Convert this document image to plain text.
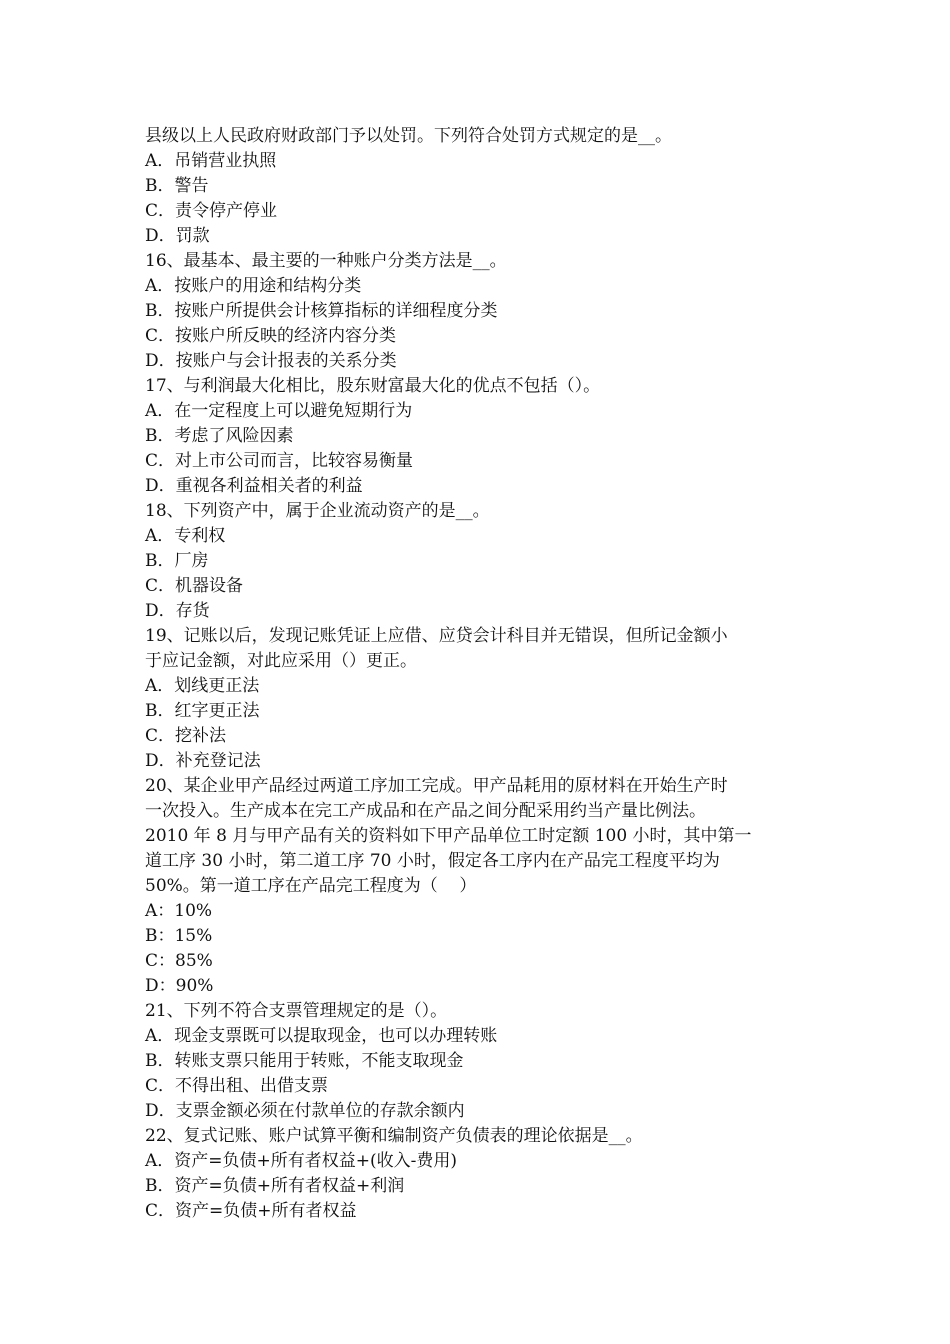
县级以上人民政府财政部门予以处罚。下列符合处罚方式规定的是__。
A．吊销营业执照
B．警告
C．责令停产停业
D．罚款
16、最基本、最主要的一种账户分类方法是__。
A．按账户的用途和结构分类
B．按账户所提供会计核算指标的详细程度分类
C．按账户所反映的经济内容分类
D．按账户与会计报表的关系分类
17、与利润最大化相比，股东财富最大化的优点不包括（）。
A．在一定程度上可以避免短期行为
B．考虑了风险因素
C．对上市公司而言，比较容易衡量
D．重视各利益相关者的利益
18、下列资产中，属于企业流动资产的是__。
A．专利权
B．厂房
C．机器设备
D．存货
19、记账以后，发现记账凭证上应借、应贷会计科目并无错误，但所记金额小
于应记金额，对此应采用（）更正。
A．划线更正法
B．红字更正法
C．挖补法
D．补充登记法
20、某企业甲产品经过两道工序加工完成。甲产品耗用的原材料在开始生产时
一次投入。生产成本在完工产成品和在产品之间分配采用约当产量比例法。
2010 年 8 月与甲产品有关的资料如下甲产品单位工时定额 100 小时，其中第一
道工序 30 小时，第二道工序 70 小时，假定各工序内在产品完工程度平均为
50%。第一道工序在产品完工程度为（    ）
A：10%
B：15%
C：85%
D：90%
21、下列不符合支票管理规定的是（）。
A．现金支票既可以提取现金，也可以办理转账
B．转账支票只能用于转账，不能支取现金
C．不得出租、出借支票
D．支票金额必须在付款单位的存款余额内
22、复式记账、账户试算平衡和编制资产负债表的理论依据是__。
A．资产=负债+所有者权益+(收入-费用)
B．资产=负债+所有者权益+利润
C．资产=负债+所有者权益
